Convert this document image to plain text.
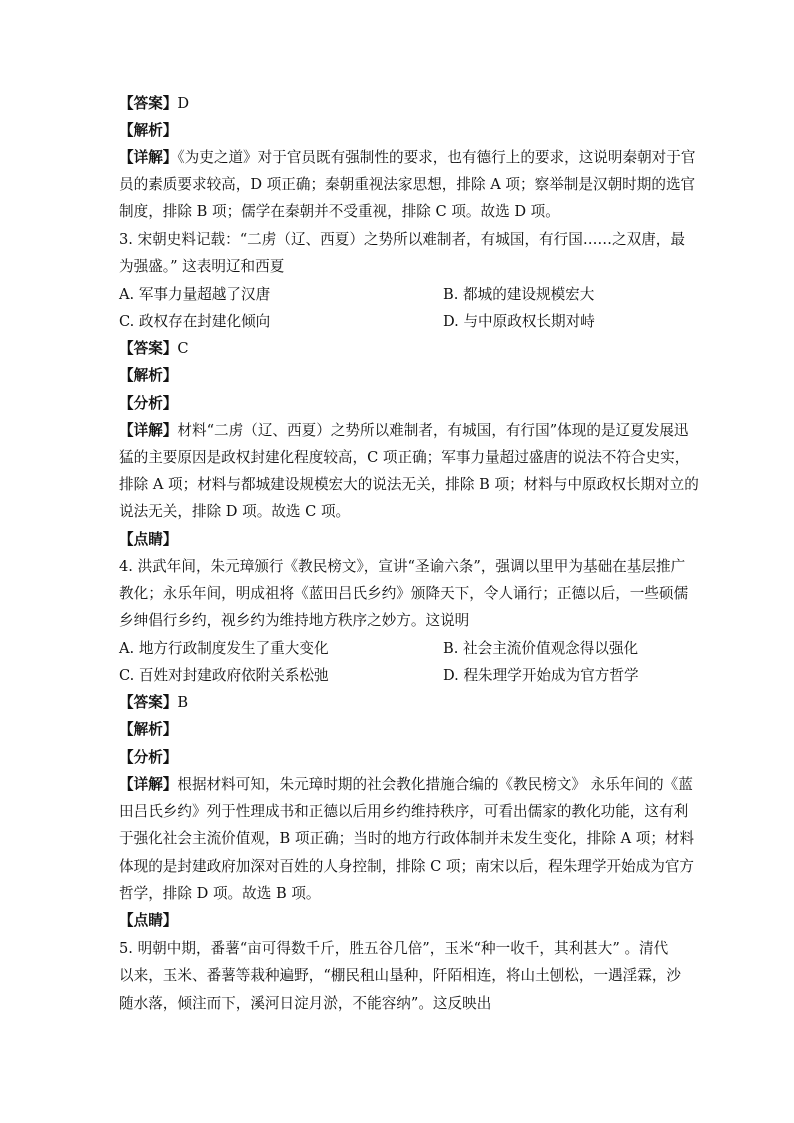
【答案】D
【解析】
【详解】《为吏之道》对于官员既有强制性的要求，也有德行上的要求，这说明秦朝对于官
员的素质要求较高，D 项正确；秦朝重视法家思想，排除 A 项；察举制是汉朝时期的选官
制度，排除 B 项；儒学在秦朝并不受重视，排除 C 项。故选 D 项。
3. 宋朝史料记载：“二虏（辽、西夏）之势所以难制者，有城国，有行国……之双唐，最
为强盛。” 这表明辽和西夏
A. 军事力量超越了汉唐	B. 都城的建设规模宏大
C. 政权存在封建化倾向	D. 与中原政权长期对峙
【答案】C
【解析】
【分析】
【详解】材料“二虏（辽、西夏）之势所以难制者，有城国，有行国”体现的是辽夏发展迅
猛的主要原因是政权封建化程度较高，C 项正确；军事力量超过盛唐的说法不符合史实，
排除 A 项；材料与都城建设规模宏大的说法无关，排除 B 项；材料与中原政权长期对立的
说法无关，排除 D 项。故选 C 项。
【点睛】
4. 洪武年间，朱元璋颁行《教民榜文》，宣讲“圣谕六条”，强调以里甲为基础在基层推广
教化；永乐年间，明成祖将《蓝田吕氏乡约》颁降天下，令人诵行；正德以后，一些硕儒
乡绅倡行乡约，视乡约为维持地方秩序之妙方。这说明
A. 地方行政制度发生了重大变化	B. 社会主流价值观念得以强化
C. 百姓对封建政府依附关系松弛	D. 程朱理学开始成为官方哲学
【答案】B
【解析】
【分析】
【详解】根据材料可知，朱元璋时期的社会教化措施合编的《教民榜文》 永乐年间的《蓝
田吕氏乡约》列于性理成书和正德以后用乡约维持秩序，可看出儒家的教化功能，这有利
于强化社会主流价值观，B 项正确；当时的地方行政体制并未发生变化，排除 A 项；材料
体现的是封建政府加深对百姓的人身控制，排除 C 项；南宋以后，程朱理学开始成为官方
哲学，排除 D 项。故选 B 项。
【点睛】
5. 明朝中期，番薯“亩可得数千斤，胜五谷几倍”，玉米“种一收千，其利甚大” 。清代
以来，玉米、番薯等栽种遍野，“棚民租山垦种，阡陌相连，将山土刨松，一遇淫霖，沙
随水落，倾注而下，溪河日淀月淤，不能容纳”。这反映出
